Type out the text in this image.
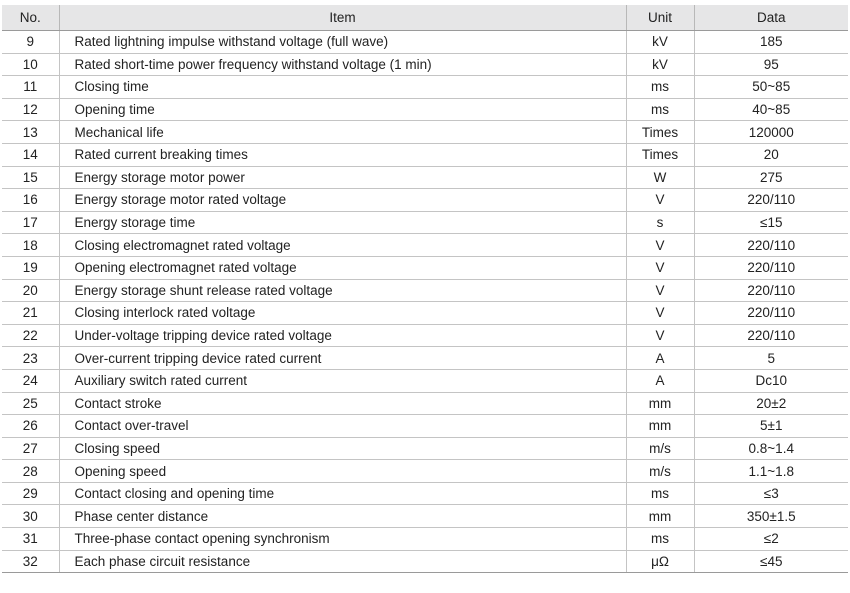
No.	Item	Unit	Data
9	Rated lightning impulse withstand voltage (full wave)	kV	185
10	Rated short-time power frequency withstand voltage (1 min)	kV	95
11	Closing time	ms	50~85
12	Opening time	ms	40~85
13	Mechanical life	Times	120000
14	Rated current breaking times	Times	20
15	Energy storage motor power	W	275
16	Energy storage motor rated voltage	V	220/110
17	Energy storage time	s	≤15
18	Closing electromagnet rated voltage	V	220/110
19	Opening electromagnet rated voltage	V	220/110
20	Energy storage shunt release rated voltage	V	220/110
21	Closing interlock rated voltage	V	220/110
22	Under-voltage tripping device rated voltage	V	220/110
23	Over-current tripping device rated current	A	5
24	Auxiliary switch rated current	A	Dc10
25	Contact stroke	mm	20±2
26	Contact over-travel	mm	5±1
27	Closing speed	m/s	0.8~1.4
28	Opening speed	m/s	1.1~1.8
29	Contact closing and opening time	ms	≤3
30	Phase center distance	mm	350±1.5
31	Three-phase contact opening synchronism	ms	≤2
32	Each phase circuit resistance	μΩ	≤45
